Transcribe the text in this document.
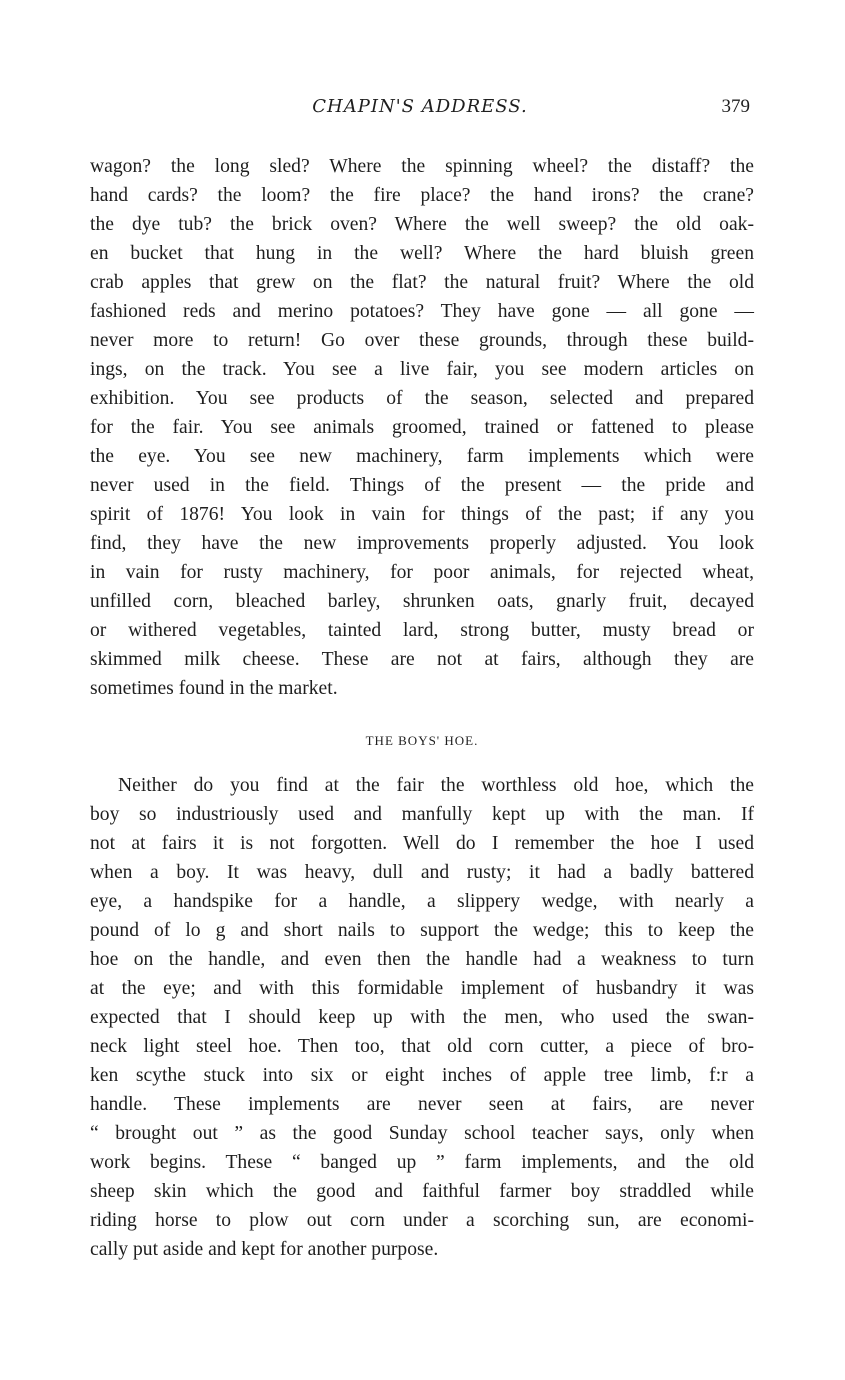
CHAPIN'S ADDRESS.	379
wagon? the long sled? Where the spinning wheel? the distaff? the
hand cards? the loom? the fire place? the hand irons? the crane?
the dye tub? the brick oven? Where the well sweep? the old oak-
en bucket that hung in the well? Where the hard bluish green
crab apples that grew on the flat? the natural fruit? Where the old
fashioned reds and merino potatoes? They have gone — all gone —
never more to return! Go over these grounds, through these build-
ings, on the track. You see a live fair, you see modern articles on
exhibition. You see products of the season, selected and prepared
for the fair. You see animals groomed, trained or fattened to please
the eye. You see new machinery, farm implements which were
never used in the field. Things of the present — the pride and
spirit of 1876! You look in vain for things of the past; if any you
find, they have the new improvements properly adjusted. You look
in vain for rusty machinery, for poor animals, for rejected wheat,
unfilled corn, bleached barley, shrunken oats, gnarly fruit, decayed
or withered vegetables, tainted lard, strong butter, musty bread or
skimmed milk cheese. These are not at fairs, although they are
sometimes found in the market.
THE BOYS' HOE.
Neither do you find at the fair the worthless old hoe, which the
boy so industriously used and manfully kept up with the man. If
not at fairs it is not forgotten. Well do I remember the hoe I used
when a boy. It was heavy, dull and rusty; it had a badly battered
eye, a handspike for a handle, a slippery wedge, with nearly a
pound of lo g and short nails to support the wedge; this to keep the
hoe on the handle, and even then the handle had a weakness to turn
at the eye; and with this formidable implement of husbandry it was
expected that I should keep up with the men, who used the swan-
neck light steel hoe. Then too, that old corn cutter, a piece of bro-
ken scythe stuck into six or eight inches of apple tree limb, f:r a
handle. These implements are never seen at fairs, are never
“ brought out ” as the good Sunday school teacher says, only when
work begins. These “ banged up ” farm implements, and the old
sheep skin which the good and faithful farmer boy straddled while
riding horse to plow out corn under a scorching sun, are economi-
cally put aside and kept for another purpose.
